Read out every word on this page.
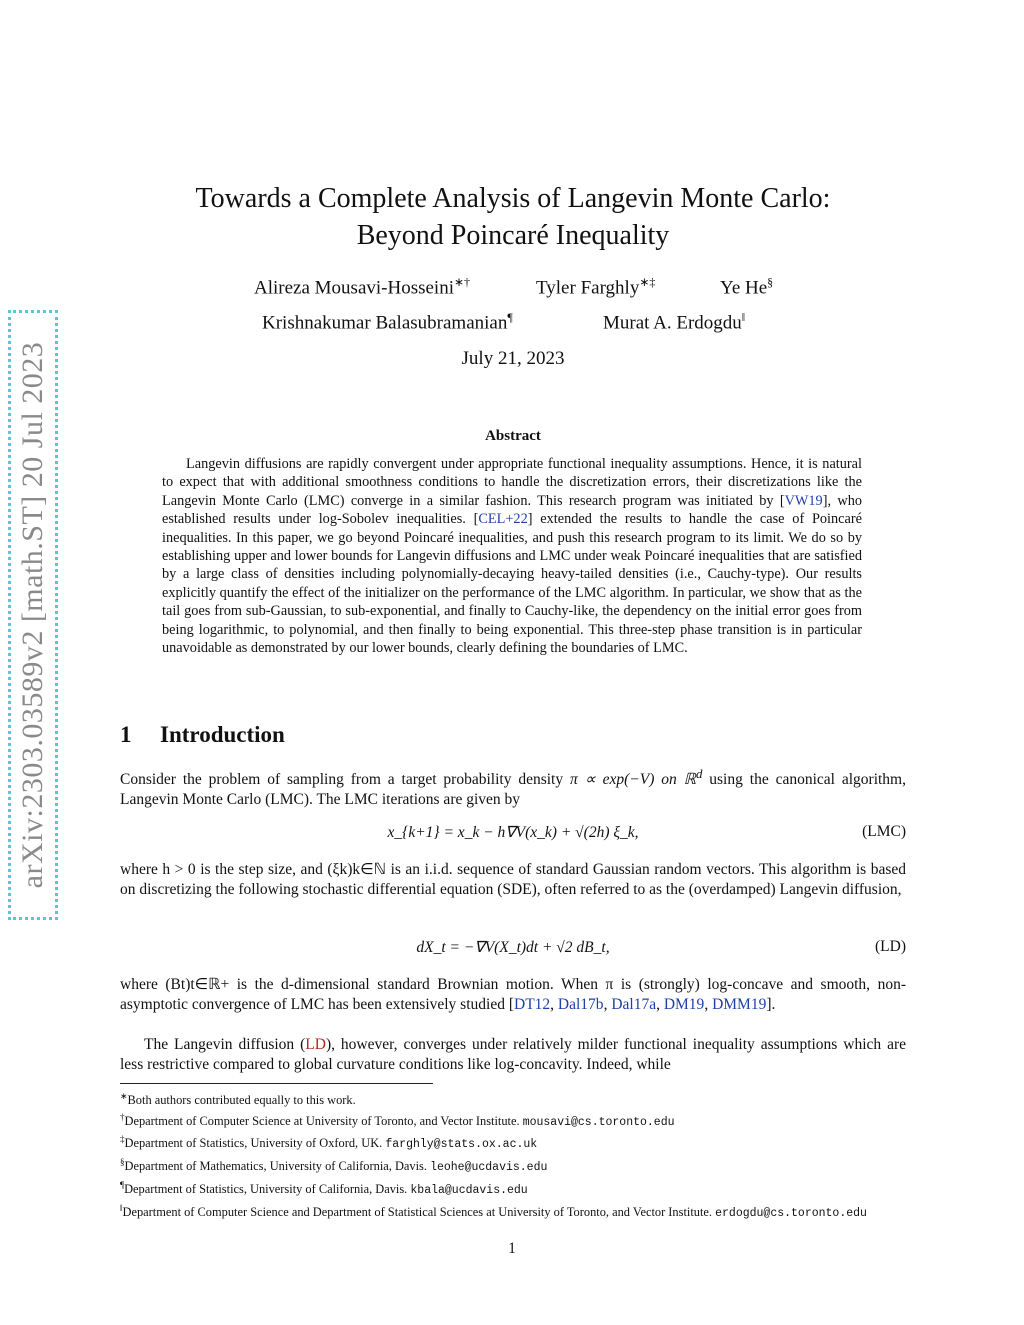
arXiv:2303.03589v2 [math.ST] 20 Jul 2023
Towards a Complete Analysis of Langevin Monte Carlo:
Beyond Poincaré Inequality
Alireza Mousavi-Hosseini∗†	Tyler Farghly∗‡	Ye He§
Krishnakumar Balasubramanian¶	Murat A. Erdogdu‖
July 21, 2023
Abstract

Langevin diffusions are rapidly convergent under appropriate functional inequality assumptions. Hence, it is natural to expect that with additional smoothness conditions to handle the discretization errors, their discretizations like the Langevin Monte Carlo (LMC) converge in a similar fashion. This research program was initiated by [VW19], who established results under log-Sobolev inequalities. [CEL+22] extended the results to handle the case of Poincaré inequalities. In this paper, we go beyond Poincaré inequalities, and push this research program to its limit. We do so by establishing upper and lower bounds for Langevin diffusions and LMC under weak Poincaré inequalities that are satisfied by a large class of densities including polynomially-decaying heavy-tailed densities (i.e., Cauchy-type). Our results explicitly quantify the effect of the initializer on the performance of the LMC algorithm. In particular, we show that as the tail goes from sub-Gaussian, to sub-exponential, and finally to Cauchy-like, the dependency on the initial error goes from being logarithmic, to polynomial, and then finally to being exponential. This three-step phase transition is in particular unavoidable as demonstrated by our lower bounds, clearly defining the boundaries of LMC.

1 Introduction

Consider the problem of sampling from a target probability density π ∝ exp(−V) on ℝ$^d$ using the canonical algorithm, Langevin Monte Carlo (LMC). The LMC iterations are given by

x_{k+1} = x_k − h∇V(x_k) + √(2h) ξ_k,	(LMC)

where h > 0 is the step size, and (ξk)k∈ℕ is an i.i.d. sequence of standard Gaussian random vectors. This algorithm is based on discretizing the following stochastic differential equation (SDE), often referred to as the (overdamped) Langevin diffusion,

dX_t = −∇V(X_t)dt + √2 dB_t,	(LD)

where (Bt)t∈ℝ+ is the d-dimensional standard Brownian motion. When π is (strongly) log-concave and smooth, non-asymptotic convergence of LMC has been extensively studied [DT12, Dal17b, Dal17a, DM19, DMM19].

The Langevin diffusion (LD), however, converges under relatively milder functional inequality assumptions which are less restrictive compared to global curvature conditions like log-concavity. Indeed, while

∗Both authors contributed equally to this work.

†Department of Computer Science at University of Toronto, and Vector Institute. mousavi@cs.toronto.edu

‡Department of Statistics, University of Oxford, UK. farghly@stats.ox.ac.uk

§Department of Mathematics, University of California, Davis. leohe@ucdavis.edu

¶Department of Statistics, University of California, Davis. kbala@ucdavis.edu

‖Department of Computer Science and Department of Statistical Sciences at University of Toronto, and Vector Institute. erdogdu@cs.toronto.edu

1
